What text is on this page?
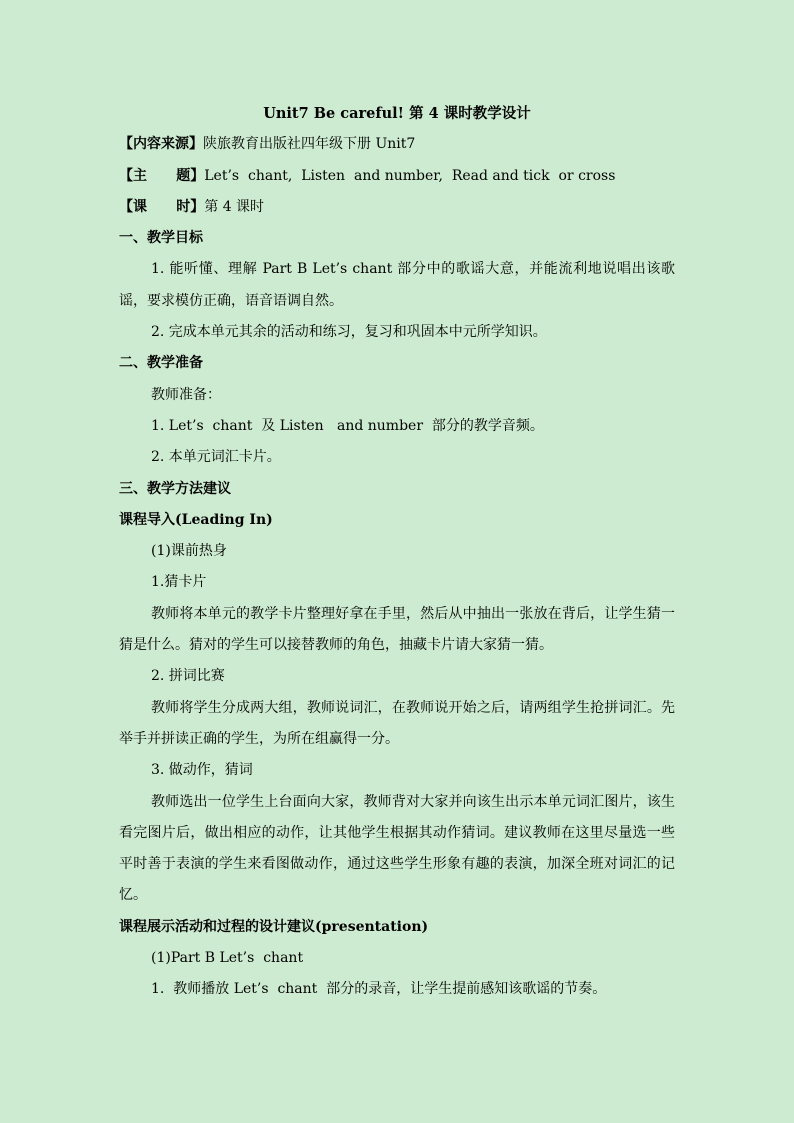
Unit7 Be careful! 第 4 课时教学设计
【内容来源】陕旅教育出版社四年级下册 Unit7
【主      题】Let’s  chant,  Listen  and number,  Read and tick  or cross
【课      时】第 4 课时
一、教学目标

1. 能听懂、理解 Part B Let’s chant 部分中的歌谣大意，并能流利地说唱出该歌谣，要求模仿正确，语音语调自然。

2. 完成本单元其余的活动和练习，复习和巩固本中元所学知识。

二、教学准备
教师准备：
1. Let’s  chant  及 Listen   and number  部分的教学音频。
2. 本单元词汇卡片。
三、教学方法建议
课程导入(Leading In)
(1)课前热身
1.猜卡片

教师将本单元的教学卡片整理好拿在手里，然后从中抽出一张放在背后，让学生猜一猜是什么。猜对的学生可以接替教师的角色，抽藏卡片请大家猜一猜。

2. 拼词比赛

教师将学生分成两大组，教师说词汇，在教师说开始之后，请两组学生抢拼词汇。先举手并拼读正确的学生，为所在组赢得一分。

3. 做动作，猜词

教师选出一位学生上台面向大家，教师背对大家并向该生出示本单元词汇图片，该生看完图片后，做出相应的动作，让其他学生根据其动作猜词。建议教师在这里尽量选一些平时善于表演的学生来看图做动作，通过这些学生形象有趣的表演，加深全班对词汇的记忆。

课程展示活动和过程的设计建议(presentation)
(1)Part B Let’s  chant
1.  教师播放 Let’s  chant  部分的录音，让学生提前感知该歌谣的节奏。
